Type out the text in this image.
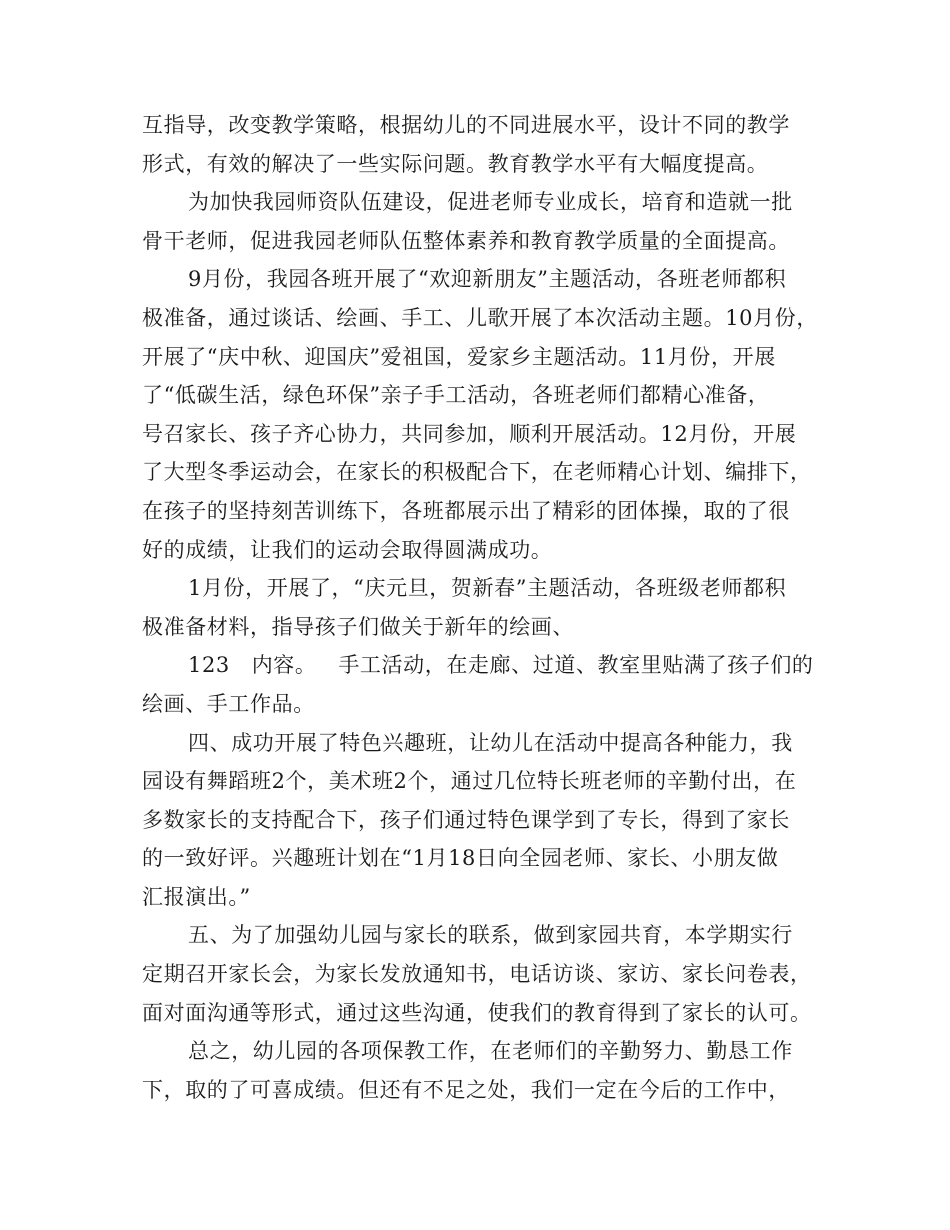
互指导，改变教学策略，根据幼儿的不同进展水平，设计不同的教学
形式，有效的解决了一些实际问题。教育教学水平有大幅度提高。
为加快我园师资队伍建设，促进老师专业成长，培育和造就一批
骨干老师，促进我园老师队伍整体素养和教育教学质量的全面提高。
9月份，我园各班开展了“欢迎新朋友”主题活动，各班老师都积
极准备，通过谈话、绘画、手工、儿歌开展了本次活动主题。10月份，
开展了“庆中秋、迎国庆”爱祖国，爱家乡主题活动。11月份，开展
了“低碳生活，绿色环保”亲子手工活动，各班老师们都精心准备，
号召家长、孩子齐心协力，共同参加，顺利开展活动。12月份，开展
了大型冬季运动会，在家长的积极配合下，在老师精心计划、编排下，
在孩子的坚持刻苦训练下，各班都展示出了精彩的团体操，取的了很
好的成绩，让我们的运动会取得圆满成功。
1月份，开展了，“庆元旦，贺新春”主题活动，各班级老师都积
极准备材料，指导孩子们做关于新年的绘画、
123   内容。   手工活动，在走廊、过道、教室里贴满了孩子们的
绘画、手工作品。
四、成功开展了特色兴趣班，让幼儿在活动中提高各种能力，我
园设有舞蹈班2个，美术班2个，通过几位特长班老师的辛勤付出，在
多数家长的支持配合下，孩子们通过特色课学到了专长，得到了家长
的一致好评。兴趣班计划在“1月18日向全园老师、家长、小朋友做
汇报演出。”
五、为了加强幼儿园与家长的联系，做到家园共育，本学期实行
定期召开家长会，为家长发放通知书，电话访谈、家访、家长问卷表，
面对面沟通等形式，通过这些沟通，使我们的教育得到了家长的认可。
总之，幼儿园的各项保教工作，在老师们的辛勤努力、勤恳工作
下，取的了可喜成绩。但还有不足之处，我们一定在今后的工作中，
